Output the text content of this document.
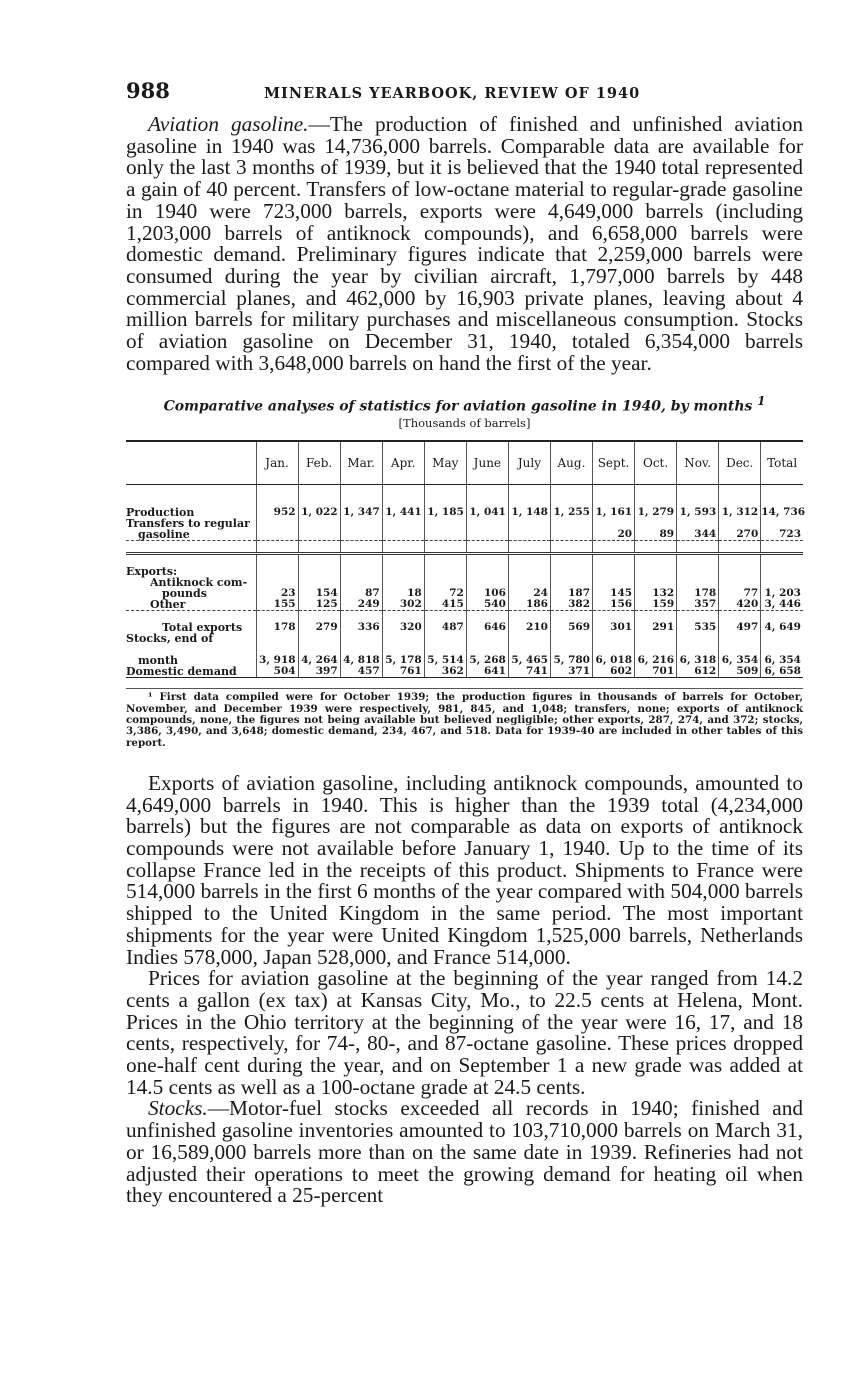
988	MINERALS YEARBOOK, REVIEW OF 1940

Aviation gasoline.—The production of finished and unfinished aviation gasoline in 1940 was 14,736,000 barrels. Comparable data are available for only the last 3 months of 1939, but it is believed that the 1940 total represented a gain of 40 percent. Transfers of low-octane material to regular-grade gasoline in 1940 were 723,000 barrels, exports were 4,649,000 barrels (including 1,203,000 barrels of antiknock compounds), and 6,658,000 barrels were domestic demand. Preliminary figures indicate that 2,259,000 barrels were consumed during the year by civilian aircraft, 1,797,000 barrels by 448 commercial planes, and 462,000 by 16,903 private planes, leaving about 4 million barrels for military purchases and miscellaneous consumption. Stocks of aviation gasoline on December 31, 1940, totaled 6,354,000 barrels compared with 3,648,000 barrels on hand the first of the year.

Comparative analyses of statistics for aviation gasoline in 1940, by months $^1$
[Thousands of barrels]
	Jan.	Feb.	Mar.	Apr.	May	June	July	Aug.	Sept.	Oct.	Nov.	Dec.	Total

Production	952	1, 022	1, 347	1, 441	1, 185	1, 041	1, 148	1, 255	1, 161	1, 279	1, 593	1, 312	14, 736
Transfers to regular													
gasoline									20	89	344	270	723

Exports:													
Antiknock com-													
pounds	23	154	87	18	72	106	24	187	145	132	178	77	1, 203
Other	155	125	249	302	415	540	186	382	156	159	357	420	3, 446

Total exports	178	279	336	320	487	646	210	569	301	291	535	497	4, 649
Stocks, end of													

month	3, 918	4, 264	4, 818	5, 178	5, 514	5, 268	5, 465	5, 780	6, 018	6, 216	6, 318	6, 354	6, 354
Domestic demand	504	397	457	761	362	641	741	371	602	701	612	509	6, 658
¹ First data compiled were for October 1939; the production figures in thousands of barrels for October, November, and December 1939 were respectively, 981, 845, and 1,048; transfers, none; exports of antiknock compounds, none, the figures not being available but believed negligible; other exports, 287, 274, and 372; stocks, 3,386, 3,490, and 3,648; domestic demand, 234, 467, and 518. Data for 1939-40 are included in other tables of this report.

Exports of aviation gasoline, including antiknock compounds, amounted to 4,649,000 barrels in 1940. This is higher than the 1939 total (4,234,000 barrels) but the figures are not comparable as data on exports of antiknock compounds were not available before January 1, 1940. Up to the time of its collapse France led in the receipts of this product. Shipments to France were 514,000 barrels in the first 6 months of the year compared with 504,000 barrels shipped to the United Kingdom in the same period. The most important shipments for the year were United Kingdom 1,525,000 barrels, Netherlands Indies 578,000, Japan 528,000, and France 514,000.

Prices for aviation gasoline at the beginning of the year ranged from 14.2 cents a gallon (ex tax) at Kansas City, Mo., to 22.5 cents at Helena, Mont. Prices in the Ohio territory at the beginning of the year were 16, 17, and 18 cents, respectively, for 74-, 80-, and 87-octane gasoline. These prices dropped one-half cent during the year, and on September 1 a new grade was added at 14.5 cents as well as a 100-octane grade at 24.5 cents.

Stocks.—Motor-fuel stocks exceeded all records in 1940; finished and unfinished gasoline inventories amounted to 103,710,000 barrels on March 31, or 16,589,000 barrels more than on the same date in 1939. Refineries had not adjusted their operations to meet the growing demand for heating oil when they encountered a 25-percent
